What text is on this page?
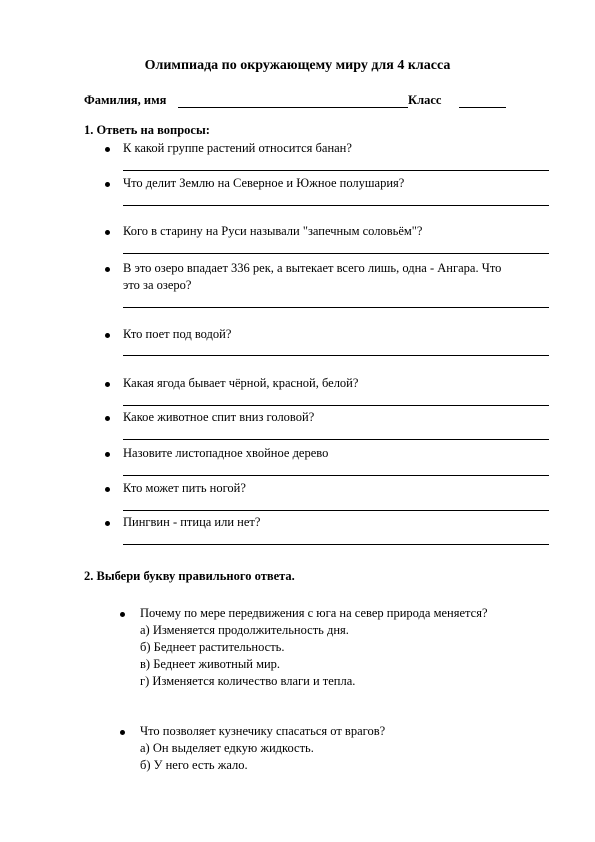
Олимпиада по окружающему миру для 4 класса
Фамилия, имя	Класс
1. Ответь на вопросы:
К какой группе растений относится банан?
Что делит Землю на Северное и Южное полушария?
Кого в старину на Руси называли "запечным соловьём"?
В это озеро впадает 336 рек, а вытекает всего лишь, одна - Ангара. Что
это за озеро?
Кто поет под водой?
Какая ягода бывает чёрной, красной, белой?
Какое животное спит вниз головой?
Назовите листопадное хвойное дерево
Кто может пить ногой?
Пингвин - птица или нет?
2. Выбери букву правильного ответа.
Почему по мере передвижения с юга на север природа меняется?
а) Изменяется продолжительность дня.
б) Беднеет растительность.
в) Беднеет животный мир.
г) Изменяется количество влаги и тепла.
Что позволяет кузнечику спасаться от врагов?
а) Он выделяет едкую жидкость.
б) У него есть жало.
